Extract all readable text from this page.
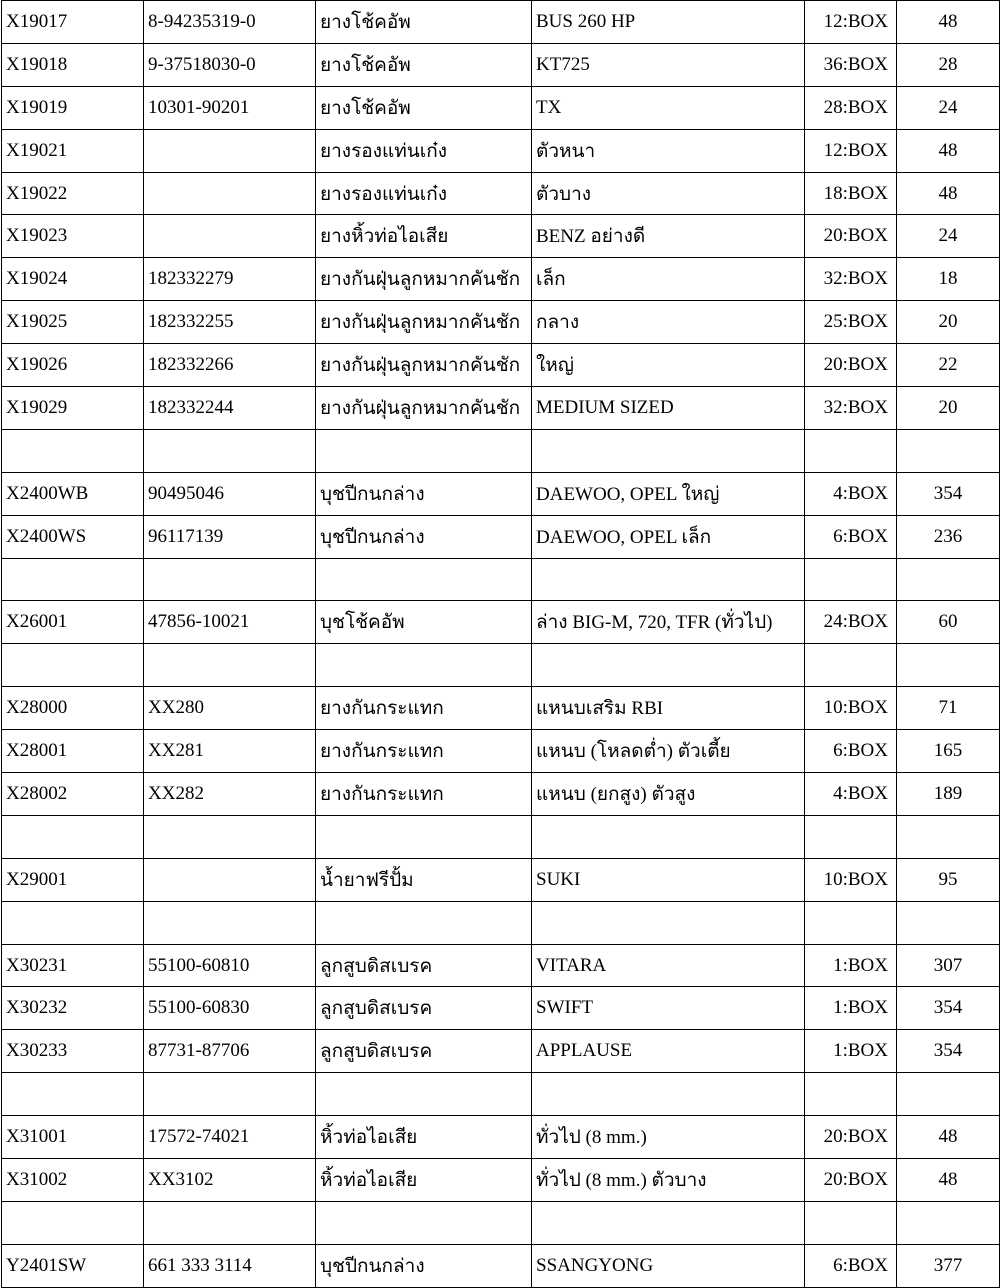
X19017	8-94235319-0	ยางโช้คอัพ	BUS 260 HP	12:BOX	48
X19018	9-37518030-0	ยางโช้คอัพ	KT725	36:BOX	28
X19019	10301-90201	ยางโช้คอัพ	TX	28:BOX	24
X19021		ยางรองแท่นเก๋ง	ตัวหนา	12:BOX	48
X19022		ยางรองแท่นเก๋ง	ตัวบาง	18:BOX	48
X19023		ยางหิ้วท่อไอเสีย	BENZ อย่างดี	20:BOX	24
X19024	182332279	ยางกันฝุ่นลูกหมากคันชัก	เล็ก	32:BOX	18
X19025	182332255	ยางกันฝุ่นลูกหมากคันชัก	กลาง	25:BOX	20
X19026	182332266	ยางกันฝุ่นลูกหมากคันชัก	ใหญ่	20:BOX	22
X19029	182332244	ยางกันฝุ่นลูกหมากคันชัก	MEDIUM SIZED	32:BOX	20

X2400WB	90495046	บุชปีกนกล่าง	DAEWOO, OPEL ใหญ่	4:BOX	354
X2400WS	96117139	บุชปีกนกล่าง	DAEWOO, OPEL เล็ก	6:BOX	236

X26001	47856-10021	บุชโช้คอัพ	ล่าง BIG-M, 720, TFR (ทั่วไป)	24:BOX	60

X28000	XX280	ยางกันกระแทก	แหนบเสริม RBI	10:BOX	71
X28001	XX281	ยางกันกระแทก	แหนบ (โหลดต่ำ) ตัวเตี้ย	6:BOX	165
X28002	XX282	ยางกันกระแทก	แหนบ (ยกสูง) ตัวสูง	4:BOX	189

X29001		น้ำยาฟรีปั้ม	SUKI	10:BOX	95

X30231	55100-60810	ลูกสูบดิสเบรค	VITARA	1:BOX	307
X30232	55100-60830	ลูกสูบดิสเบรค	SWIFT	1:BOX	354
X30233	87731-87706	ลูกสูบดิสเบรค	APPLAUSE	1:BOX	354

X31001	17572-74021	หิ้วท่อไอเสีย	ทั่วไป (8 mm.)	20:BOX	48
X31002	XX3102	หิ้วท่อไอเสีย	ทั่วไป (8 mm.) ตัวบาง	20:BOX	48

Y2401SW	661 333 3114	บุชปีกนกล่าง	SSANGYONG	6:BOX	377
